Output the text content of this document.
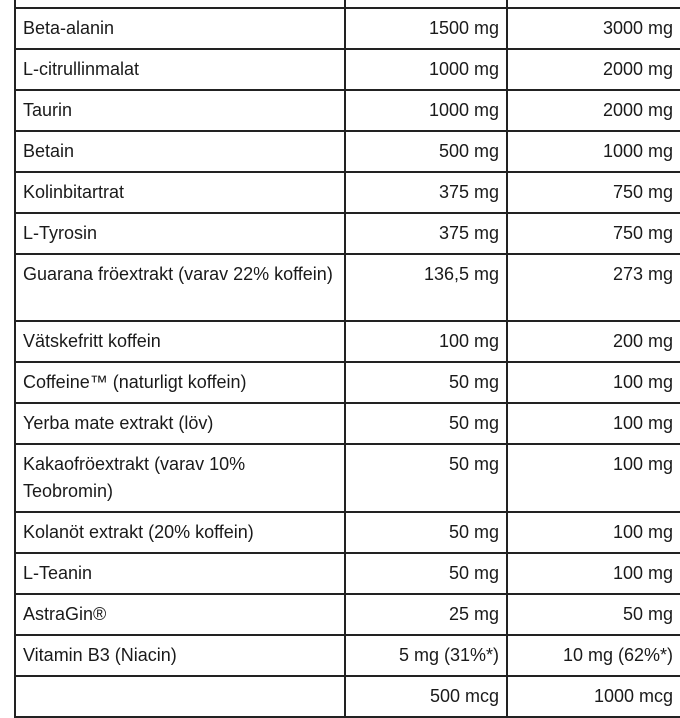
Beta-alanin	1500 mg	3000 mg
L-citrullinmalat	1000 mg	2000 mg
Taurin	1000 mg	2000 mg
Betain	500 mg	1000 mg
Kolinbitartrat	375 mg	750 mg
L-Tyrosin	375 mg	750 mg
Guarana fröextrakt (varav 22% koffein)	136,5 mg	273 mg
Vätskefritt koffein	100 mg	200 mg
Coffeine™ (naturligt koffein)	50 mg	100 mg
Yerba mate extrakt (löv)	50 mg	100 mg
Kakaofröextrakt (varav 10% Teobromin)	50 mg	100 mg
Kolanöt extrakt (20% koffein)	50 mg	100 mg
L-Teanin	50 mg	100 mg
AstraGin®	25 mg	50 mg
Vitamin B3 (Niacin)	5 mg (31%*)	10 mg (62%*)
	500 mcg	1000 mcg
